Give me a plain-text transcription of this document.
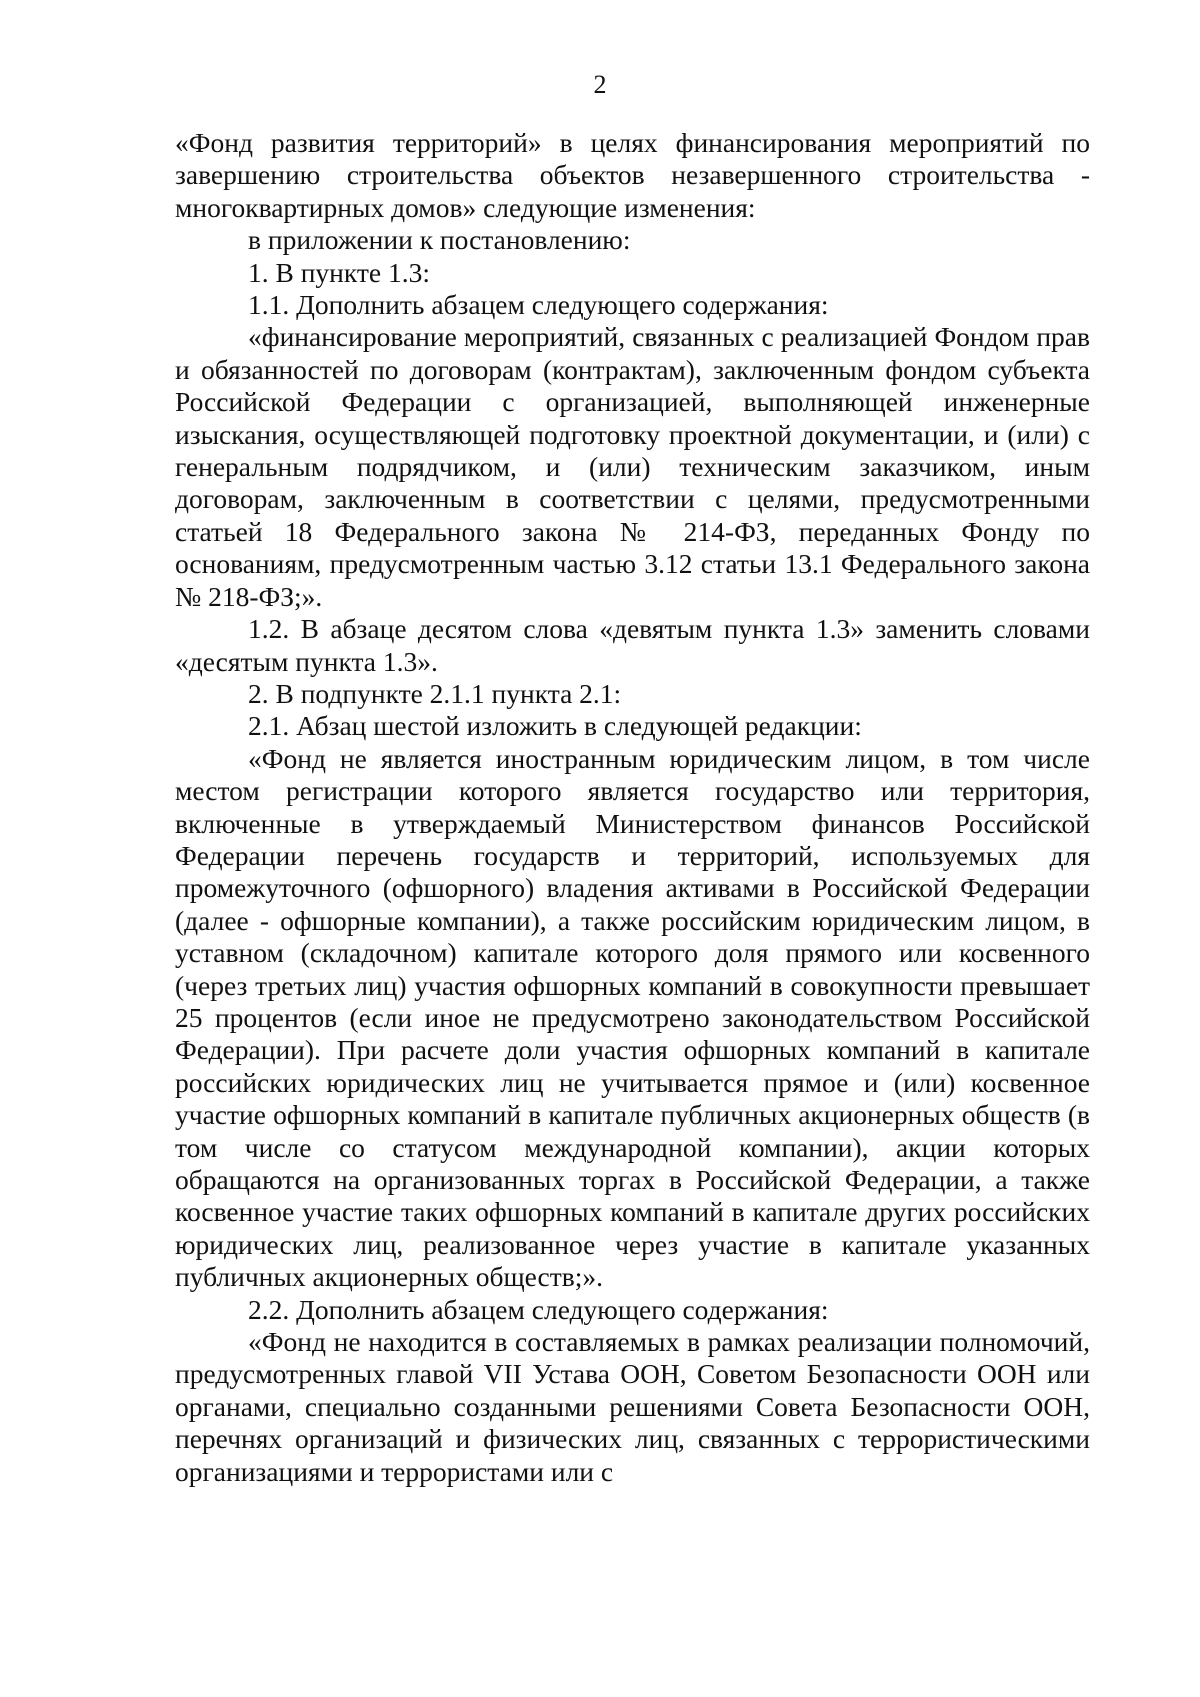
2

«Фонд развития территорий» в целях финансирования мероприятий по завершению строительства объектов незавершенного строительства - многоквартирных домов» следующие изменения:

в приложении к постановлению:

1. В пункте 1.3:

1.1. Дополнить абзацем следующего содержания:

«финансирование мероприятий, связанных с реализацией Фондом прав и обязанностей по договорам (контрактам), заключенным фондом субъекта Российской Федерации с организацией, выполняющей инженерные изыскания, осуществляющей подготовку проектной документации, и (или) с генеральным подрядчиком, и (или) техническим заказчиком, иным договорам, заключенным в соответствии с целями, предусмотренными статьей 18 Федерального закона № 214-ФЗ, переданных Фонду по основаниям, предусмотренным частью 3.12 статьи 13.1 Федерального закона № 218-ФЗ;».

1.2. В абзаце десятом слова «девятым пункта 1.3» заменить словами «десятым пункта 1.3».

2. В подпункте 2.1.1 пункта 2.1:

2.1. Абзац шестой изложить в следующей редакции:

«Фонд не является иностранным юридическим лицом, в том числе местом регистрации которого является государство или территория, включенные в утверждаемый Министерством финансов Российской Федерации перечень государств и территорий, используемых для промежуточного (офшорного) владения активами в Российской Федерации (далее - офшорные компании), а также российским юридическим лицом, в уставном (складочном) капитале которого доля прямого или косвенного (через третьих лиц) участия офшорных компаний в совокупности превышает 25 процентов (если иное не предусмотрено законодательством Российской Федерации). При расчете доли участия офшорных компаний в капитале российских юридических лиц не учитывается прямое и (или) косвенное участие офшорных компаний в капитале публичных акционерных обществ (в том числе со статусом международной компании), акции которых обращаются на организованных торгах в Российской Федерации, а также косвенное участие таких офшорных компаний в капитале других российских юридических лиц, реализованное через участие в капитале указанных публичных акционерных обществ;».

2.2. Дополнить абзацем следующего содержания:

«Фонд не находится в составляемых в рамках реализации полномочий, предусмотренных главой VII Устава ООН, Советом Безопасности ООН или органами, специально созданными решениями Совета Безопасности ООН, перечнях организаций и физических лиц, связанных с террористическими организациями и террористами или с
